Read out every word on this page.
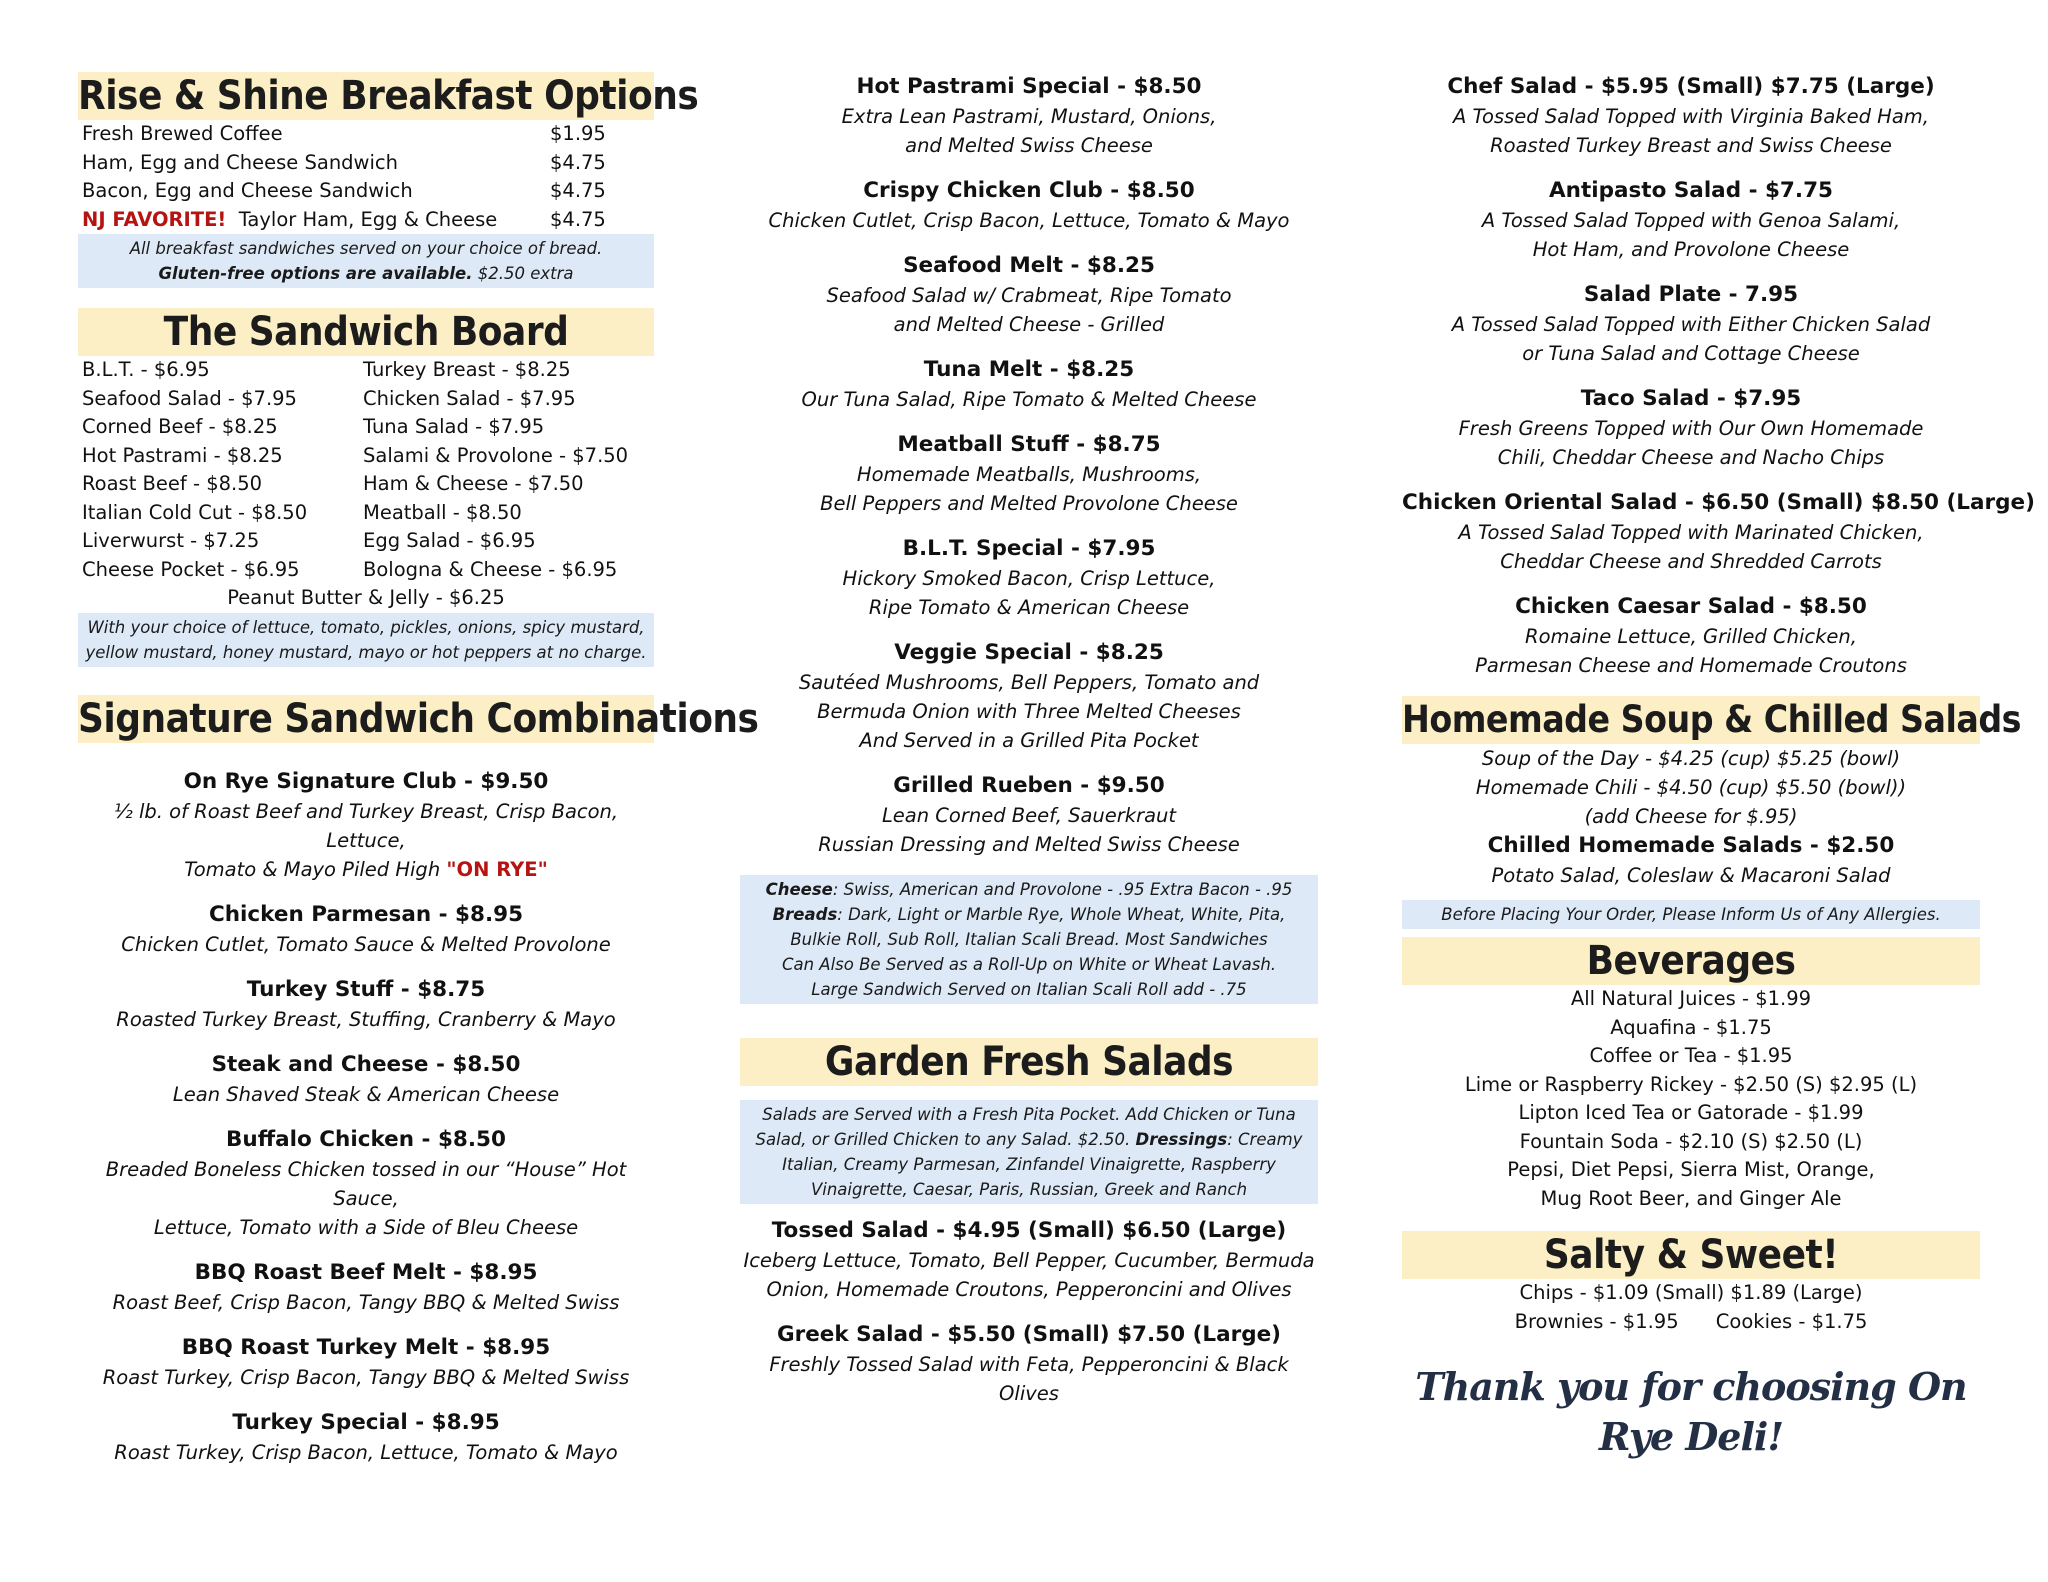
Rise & Shine Breakfast Options
Fresh Brewed Coffee	$1.95
Ham, Egg and Cheese Sandwich	$4.75
Bacon, Egg and Cheese Sandwich	$4.75
NJ FAVORITE! Taylor Ham, Egg & Cheese	$4.75
All breakfast sandwiches served on your choice of bread.
Gluten-free options are available. $2.50 extra
The Sandwich Board
B.L.T. - $6.95	Turkey Breast - $8.25
Seafood Salad - $7.95	Chicken Salad - $7.95
Corned Beef - $8.25	Tuna Salad - $7.95
Hot Pastrami - $8.25	Salami & Provolone - $7.50
Roast Beef - $8.50	Ham & Cheese - $7.50
Italian Cold Cut - $8.50	Meatball - $8.50
Liverwurst - $7.25	Egg Salad - $6.95
Cheese Pocket - $6.95	Bologna & Cheese - $6.95
Peanut Butter & Jelly - $6.25
With your choice of lettuce, tomato, pickles, onions, spicy mustard, yellow mustard, honey mustard, mayo or hot peppers at no charge.
Signature Sandwich Combinations
On Rye Signature Club - $9.50
½ lb. of Roast Beef and Turkey Breast, Crisp Bacon, Lettuce,
Tomato & Mayo Piled High "ON RYE"
Chicken Parmesan - $8.95
Chicken Cutlet, Tomato Sauce & Melted Provolone
Turkey Stuff - $8.75
Roasted Turkey Breast, Stuffing, Cranberry & Mayo
Steak and Cheese - $8.50
Lean Shaved Steak & American Cheese
Buffalo Chicken - $8.50
Breaded Boneless Chicken tossed in our “House” Hot Sauce,
Lettuce, Tomato with a Side of Bleu Cheese
BBQ Roast Beef Melt - $8.95
Roast Beef, Crisp Bacon, Tangy BBQ & Melted Swiss
BBQ Roast Turkey Melt - $8.95
Roast Turkey, Crisp Bacon, Tangy BBQ & Melted Swiss
Turkey Special - $8.95
Roast Turkey, Crisp Bacon, Lettuce, Tomato & Mayo
Hot Pastrami Special - $8.50
Extra Lean Pastrami, Mustard, Onions,
and Melted Swiss Cheese
Crispy Chicken Club - $8.50
Chicken Cutlet, Crisp Bacon, Lettuce, Tomato & Mayo
Seafood Melt - $8.25
Seafood Salad w/ Crabmeat, Ripe Tomato
and Melted Cheese - Grilled
Tuna Melt - $8.25
Our Tuna Salad, Ripe Tomato & Melted Cheese
Meatball Stuff - $8.75
Homemade Meatballs, Mushrooms,
Bell Peppers and Melted Provolone Cheese
B.L.T. Special - $7.95
Hickory Smoked Bacon, Crisp Lettuce,
Ripe Tomato & American Cheese
Veggie Special - $8.25
Sautéed Mushrooms, Bell Peppers, Tomato and
Bermuda Onion with Three Melted Cheeses
And Served in a Grilled Pita Pocket
Grilled Rueben - $9.50
Lean Corned Beef, Sauerkraut
Russian Dressing and Melted Swiss Cheese
Cheese: Swiss, American and Provolone - .95 Extra Bacon - .95
Breads: Dark, Light or Marble Rye, Whole Wheat, White, Pita,
Bulkie Roll, Sub Roll, Italian Scali Bread. Most Sandwiches
Can Also Be Served as a Roll-Up on White or Wheat Lavash.
Large Sandwich Served on Italian Scali Roll add - .75
Garden Fresh Salads
Salads are Served with a Fresh Pita Pocket. Add Chicken or Tuna Salad, or Grilled Chicken to any Salad. $2.50. Dressings: Creamy Italian, Creamy Parmesan, Zinfandel Vinaigrette, Raspberry Vinaigrette, Caesar, Paris, Russian, Greek and Ranch
Tossed Salad - $4.95 (Small) $6.50 (Large)
Iceberg Lettuce, Tomato, Bell Pepper, Cucumber, Bermuda
Onion, Homemade Croutons, Pepperoncini and Olives
Greek Salad - $5.50 (Small) $7.50 (Large)
Freshly Tossed Salad with Feta, Pepperoncini & Black Olives
Chef Salad - $5.95 (Small) $7.75 (Large)
A Tossed Salad Topped with Virginia Baked Ham,
Roasted Turkey Breast and Swiss Cheese
Antipasto Salad - $7.75
A Tossed Salad Topped with Genoa Salami,
Hot Ham, and Provolone Cheese
Salad Plate - 7.95
A Tossed Salad Topped with Either Chicken Salad
or Tuna Salad and Cottage Cheese
Taco Salad - $7.95
Fresh Greens Topped with Our Own Homemade
Chili, Cheddar Cheese and Nacho Chips
Chicken Oriental Salad - $6.50 (Small) $8.50 (Large)
A Tossed Salad Topped with Marinated Chicken,
Cheddar Cheese and Shredded Carrots
Chicken Caesar Salad - $8.50
Romaine Lettuce, Grilled Chicken,
Parmesan Cheese and Homemade Croutons
Homemade Soup & Chilled Salads
Soup of the Day - $4.25 (cup) $5.25 (bowl)
Homemade Chili - $4.50 (cup) $5.50 (bowl))
(add Cheese for $.95)
Chilled Homemade Salads - $2.50
Potato Salad, Coleslaw & Macaroni Salad
Before Placing Your Order, Please Inform Us of Any Allergies.
Beverages
All Natural Juices - $1.99
Aquafina - $1.75
Coffee or Tea - $1.95
Lime or Raspberry Rickey - $2.50 (S) $2.95 (L)
Lipton Iced Tea or Gatorade - $1.99
Fountain Soda - $2.10 (S) $2.50 (L)
Pepsi, Diet Pepsi, Sierra Mist, Orange,
Mug Root Beer, and Ginger Ale
Salty & Sweet!
Chips - $1.09 (Small) $1.89 (Large)
Brownies - $1.95      Cookies - $1.75
Thank you for choosing On Rye Deli!
